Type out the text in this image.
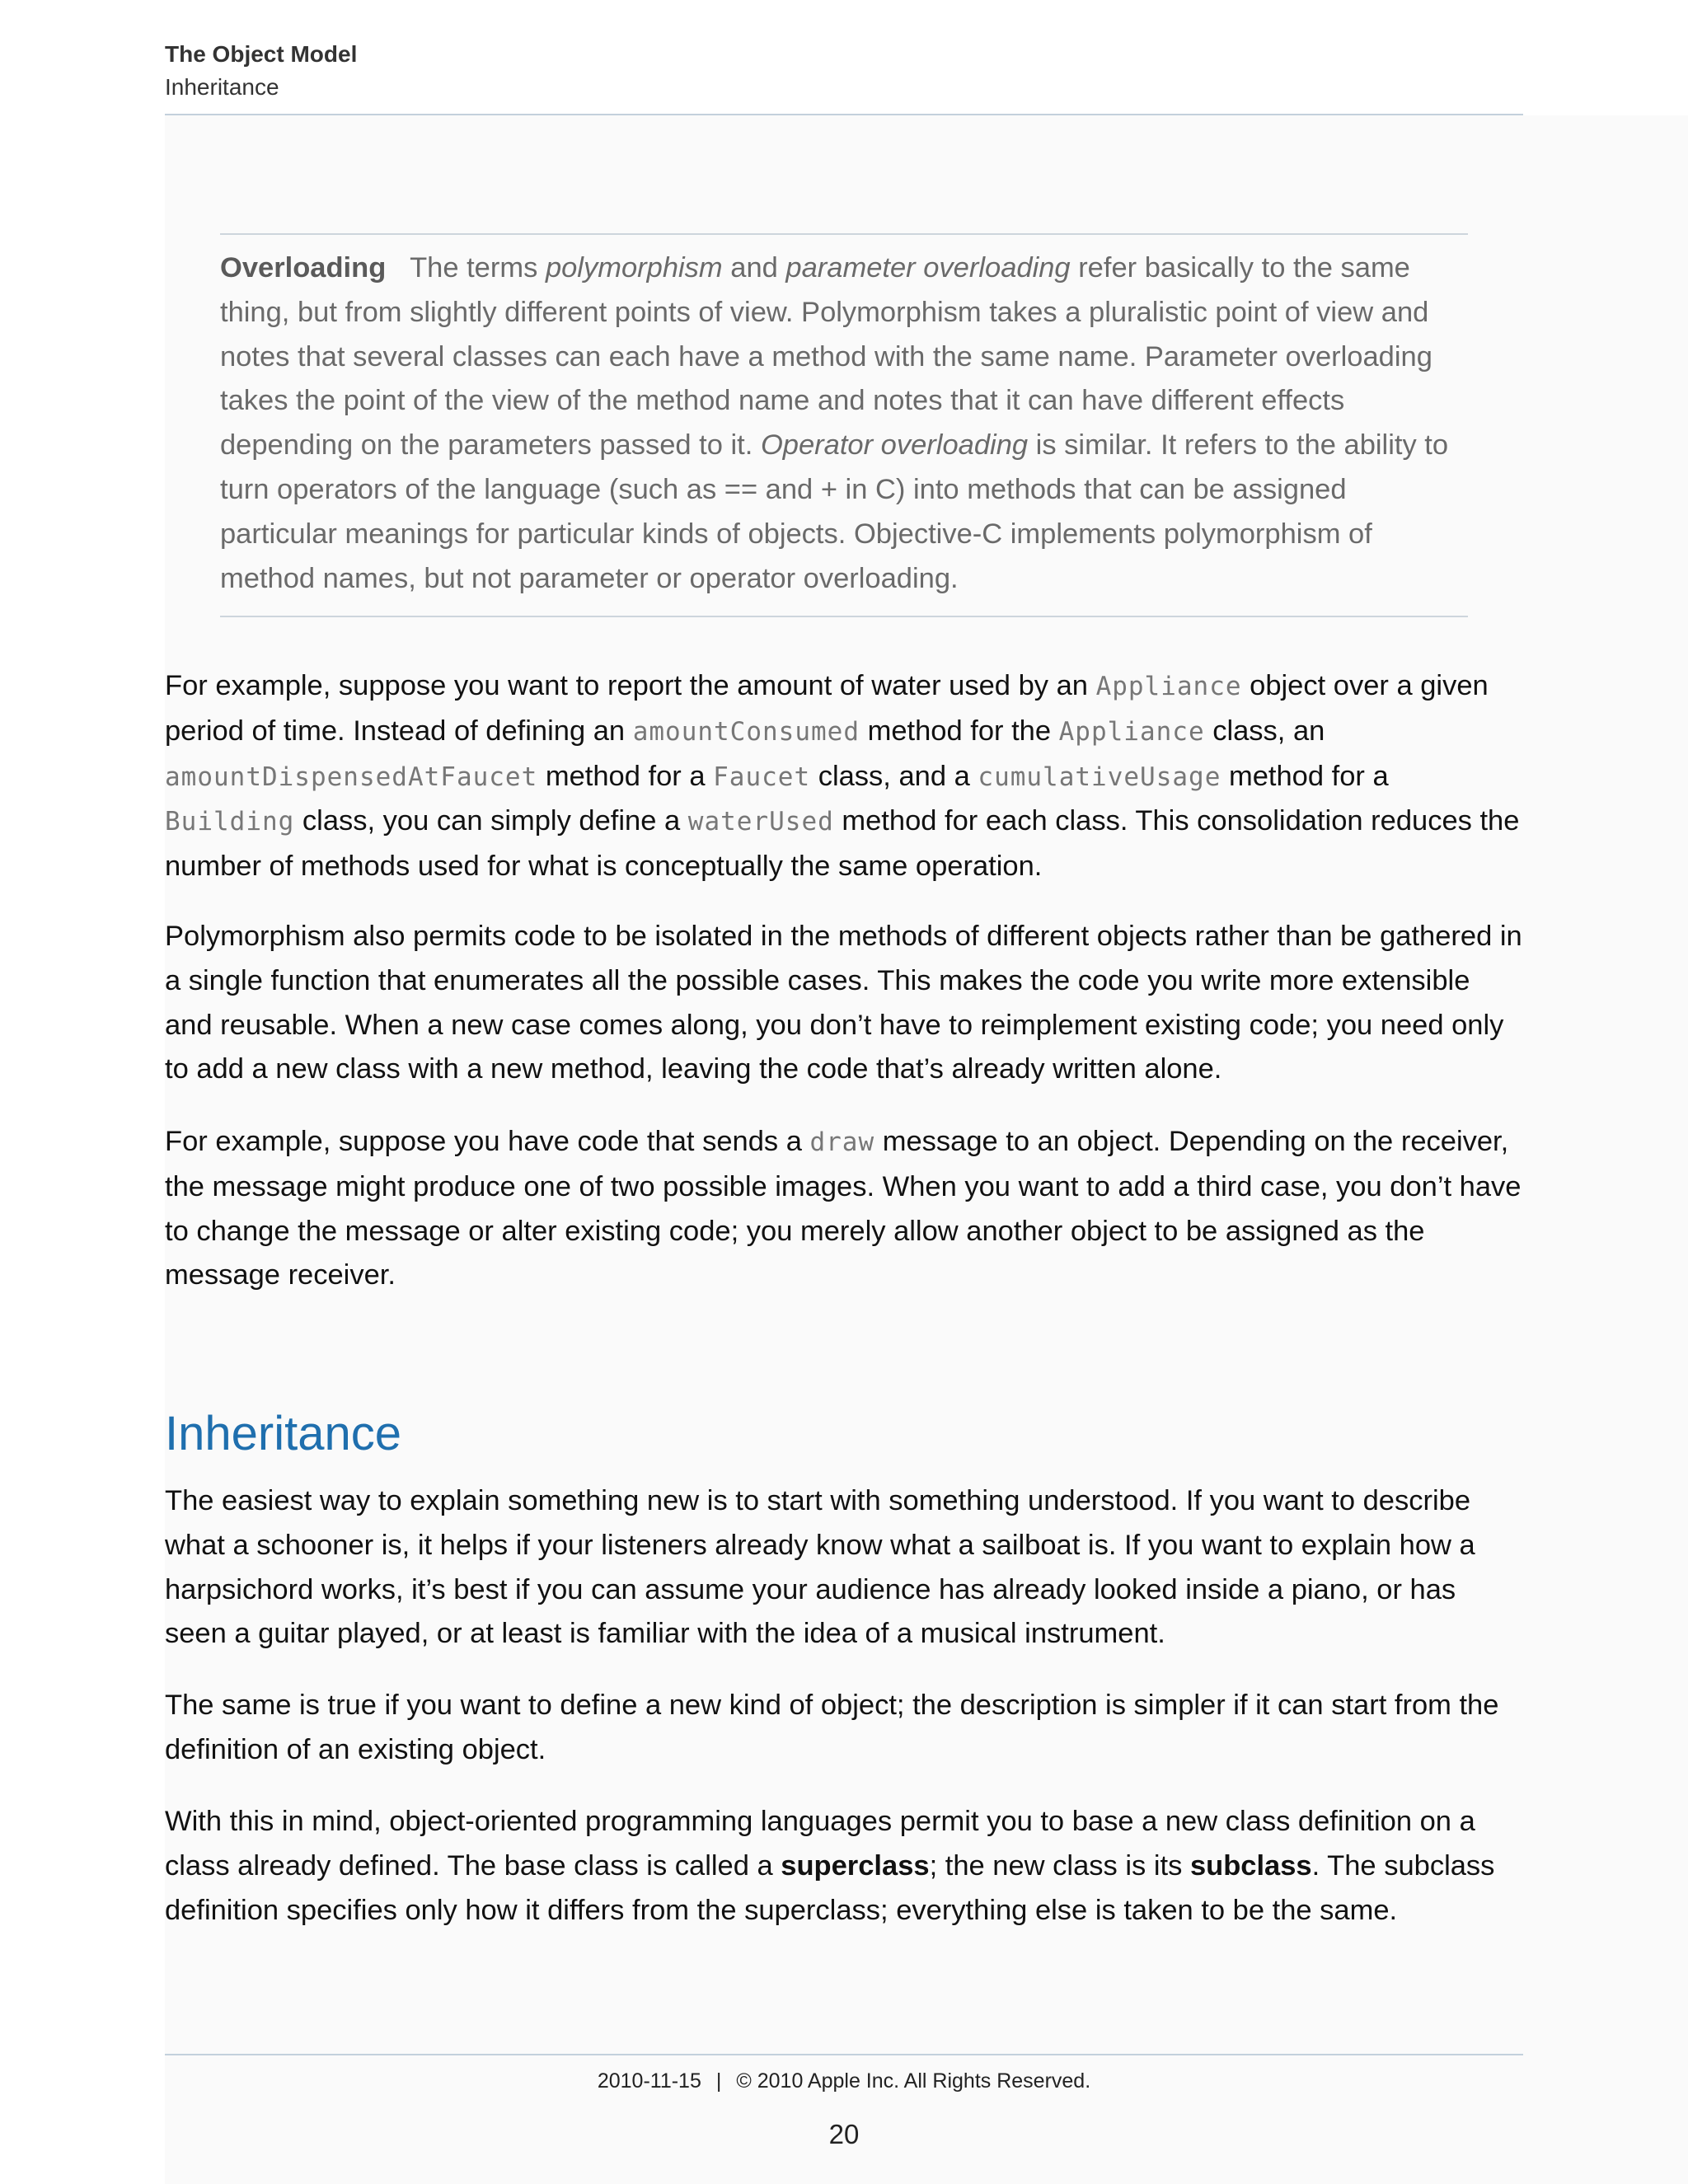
The Object Model
Inheritance
Overloading The terms polymorphism and parameter overloading refer basically to the same thing, but from slightly different points of view. Polymorphism takes a pluralistic point of view and notes that several classes can each have a method with the same name. Parameter overloading takes the point of the view of the method name and notes that it can have different effects depending on the parameters passed to it. Operator overloading is similar. It refers to the ability to turn operators of the language (such as == and + in C) into methods that can be assigned particular meanings for particular kinds of objects. Objective-C implements polymorphism of method names, but not parameter or operator overloading.

For example, suppose you want to report the amount of water used by an Appliance object over a given period of time. Instead of defining an amountConsumed method for the Appliance class, an amountDispensedAtFaucet method for a Faucet class, and a cumulativeUsage method for a Building class, you can simply define a waterUsed method for each class. This consolidation reduces the number of methods used for what is conceptually the same operation.

Polymorphism also permits code to be isolated in the methods of different objects rather than be gathered in a single function that enumerates all the possible cases. This makes the code you write more extensible and reusable. When a new case comes along, you don’t have to reimplement existing code; you need only to add a new class with a new method, leaving the code that’s already written alone.

For example, suppose you have code that sends a draw message to an object. Depending on the receiver, the message might produce one of two possible images. When you want to add a third case, you don’t have to change the message or alter existing code; you merely allow another object to be assigned as the message receiver.

Inheritance

The easiest way to explain something new is to start with something understood. If you want to describe what a schooner is, it helps if your listeners already know what a sailboat is. If you want to explain how a harpsichord works, it’s best if you can assume your audience has already looked inside a piano, or has seen a guitar played, or at least is familiar with the idea of a musical instrument.

The same is true if you want to define a new kind of object; the description is simpler if it can start from the definition of an existing object.

With this in mind, object-oriented programming languages permit you to base a new class definition on a class already defined. The base class is called a superclass; the new class is its subclass. The subclass definition specifies only how it differs from the superclass; everything else is taken to be the same.

2010-11-15 | © 2010 Apple Inc. All Rights Reserved.
20
